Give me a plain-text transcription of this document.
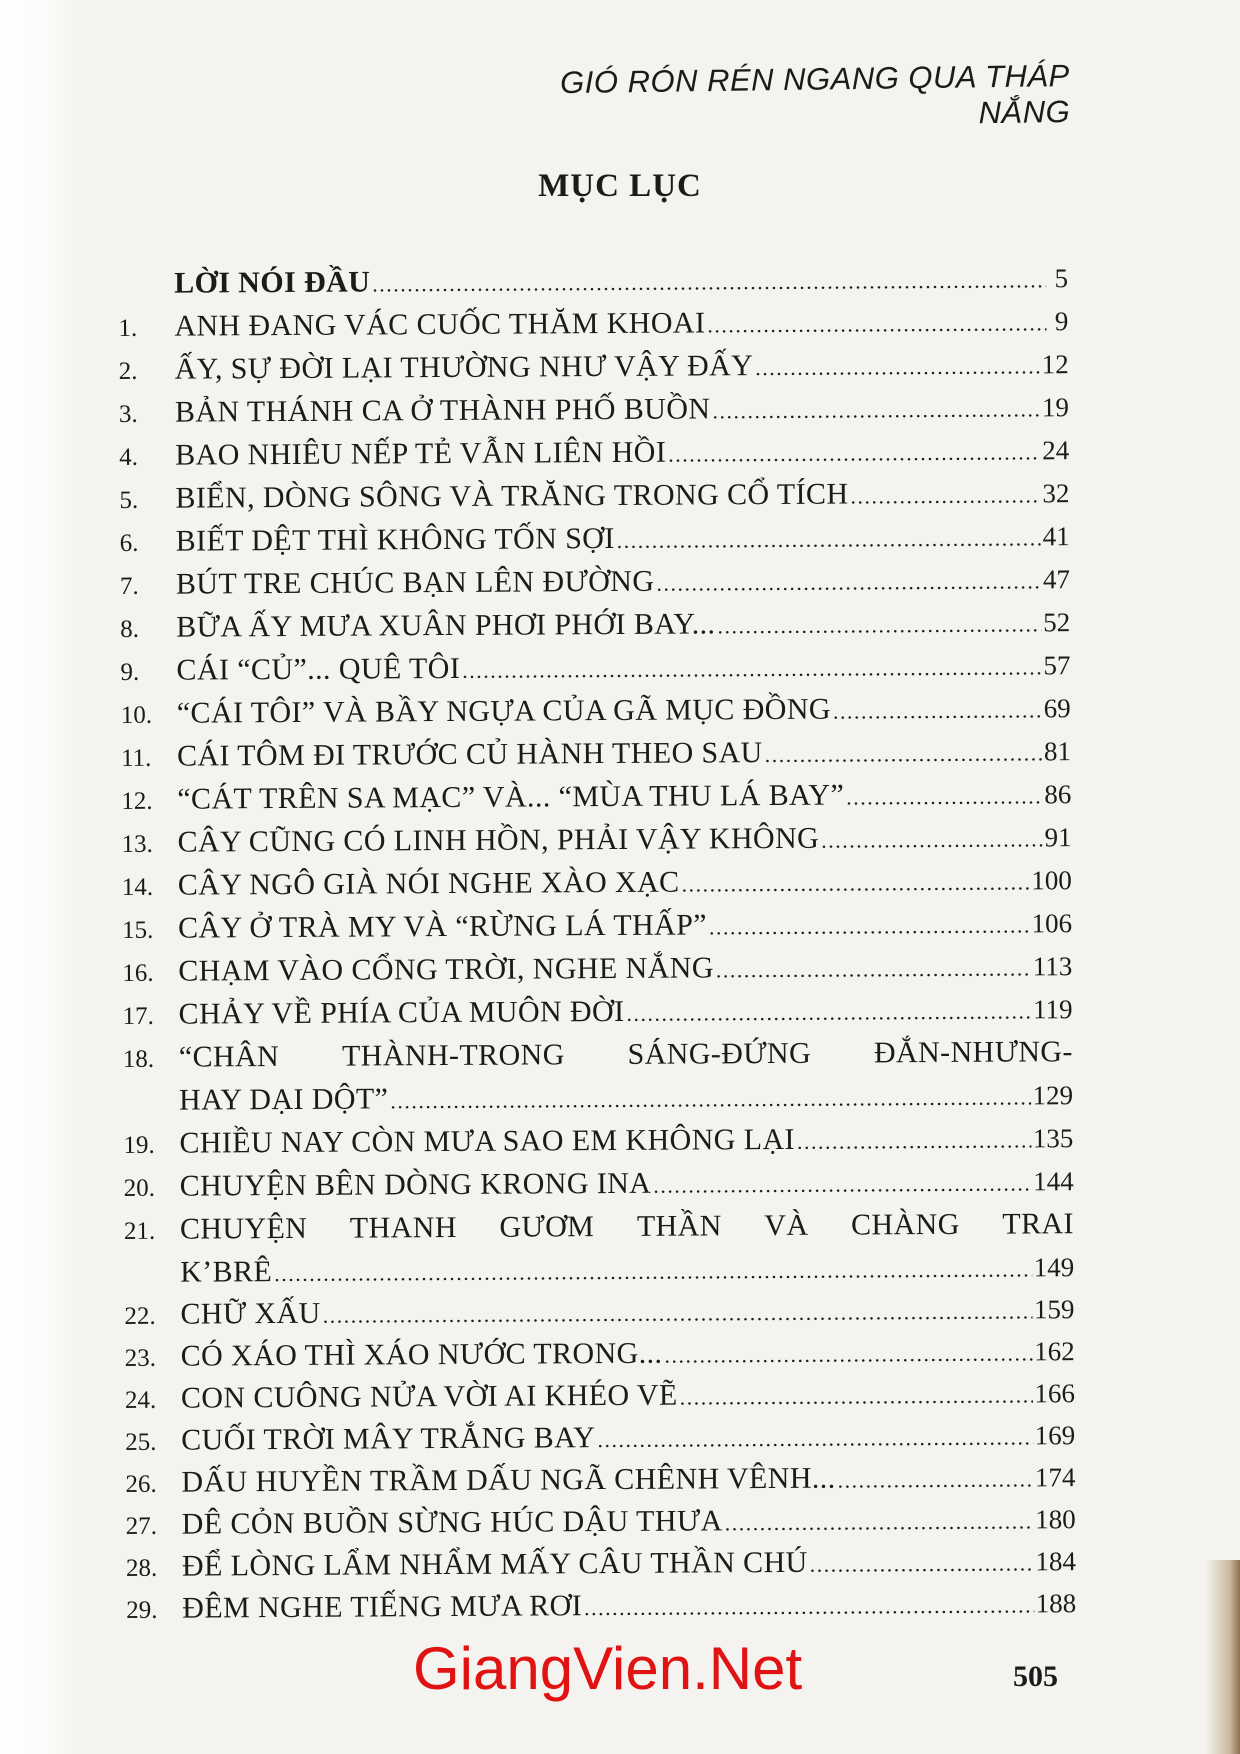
GIÓ RÓN RÉN NGANG QUA THÁP NẮNG
MỤC LỤC
LỜI NÓI ĐẦU .....	5
1.	ANH ĐANG VÁC CUỐC THĂM KHOAI .....	9
2.	ẤY, SỰ ĐỜI LẠI THƯỜNG NHƯ VẬY ĐẤY .....	12
3.	BẢN THÁNH CA Ở THÀNH PHỐ BUỒN .....	19
4.	BAO NHIÊU NẾP TẺ VẪN LIÊN HỒI .....	24
5.	BIỂN, DÒNG SÔNG VÀ TRĂNG TRONG CỔ TÍCH .....	32
6.	BIẾT DỆT THÌ KHÔNG TỐN SỢI .....	41
7.	BÚT TRE CHÚC BẠN LÊN ĐƯỜNG .....	47
8.	BỮA ẤY MƯA XUÂN PHƠI PHỚI BAY... .....	52
9.	CÁI “CỦ”... QUÊ TÔI .....	57
10. “CÁI TÔI” VÀ BẦY NGỰA CỦA GÃ MỤC ĐỒNG .....	69
11. CÁI TÔM ĐI TRƯỚC CỦ HÀNH THEO SAU .....	81
12. “CÁT TRÊN SA MẠC” VÀ... “MÙA THU LÁ BAY” .....	86
13. CÂY CŨNG CÓ LINH HỒN, PHẢI VẬY KHÔNG .....	91
14. CÂY NGÔ GIÀ NÓI NGHE XÀO XẠC .....	100
15. CÂY Ở TRÀ MY VÀ “RỪNG LÁ THẤP” .....	106
16. CHẠM VÀO CỔNG TRỜI, NGHE NẮNG .....	113
17. CHẢY VỀ PHÍA CỦA MUÔN ĐỜI .....	119
18. “CHÂN THÀNH-TRONG SÁNG-ĐỨNG ĐẮN-NHƯNG-
HAY DẠI DỘT” .....	129
19. CHIỀU NAY CÒN MƯA SAO EM KHÔNG LẠI .....	135
20. CHUYỆN BÊN DÒNG KRONG INA .....	144
21. CHUYỆN THANH GƯƠM THẦN VÀ CHÀNG TRAI
K’BRÊ .....	149
22. CHỮ XẤU .....	159
23. CÓ XÁO THÌ XÁO NƯỚC TRONG... .....	162
24. CON CUÔNG NỬA VỜI AI KHÉO VẼ .....	166
25. CUỐI TRỜI MÂY TRẮNG BAY .....	169
26. DẤU HUYỀN TRẦM DẤU NGÃ CHÊNH VÊNH... .....	174
27. DÊ CỎN BUỒN SỪNG HÚC DẬU THƯA .....	180
28. ĐỂ LÒNG LẨM NHẨM MẤY CÂU THẦN CHÚ .....	184
29. ĐÊM NGHE TIẾNG MƯA RƠI .....	188
GiangVien.Net	505
